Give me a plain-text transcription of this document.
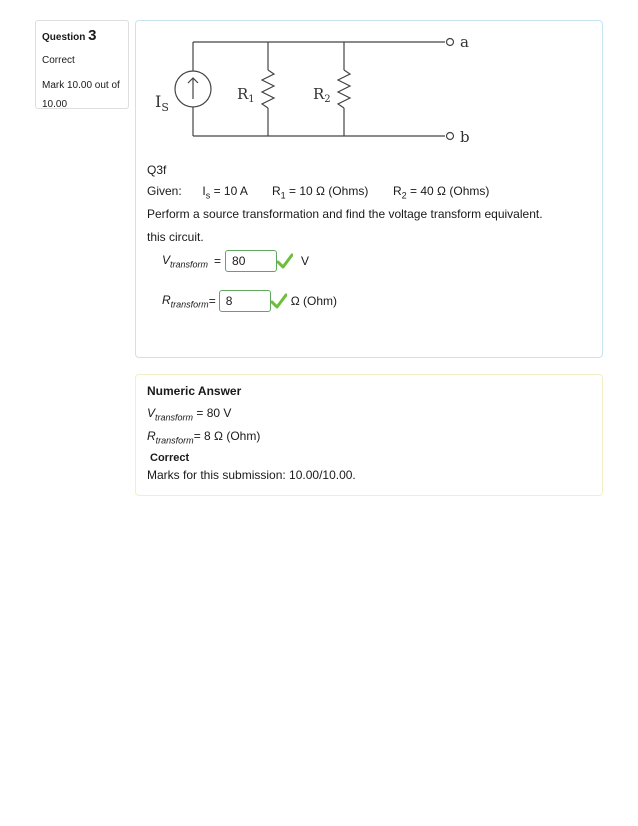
Question 3
Correct
Mark 10.00 out of 10.00	$I_S$
$R_1$	$R_2$
a
b
Q3f
Given: $I_s = 10$ A $R_1 = 10$ Ω (Ohms) $R_2 = 40$ Ω (Ohms)
Perform a source transformation and find the voltage transform equivalent.
this circuit.
$V_{transform} = 80$	V
$R_{transform} = 8$	Ω (Ohm)
Numeric Answer
$V_{transform} = 80$ V
$R_{transform}= 8$ Ω (Ohm)
Correct
Marks for this submission: 10.00/10.00.
